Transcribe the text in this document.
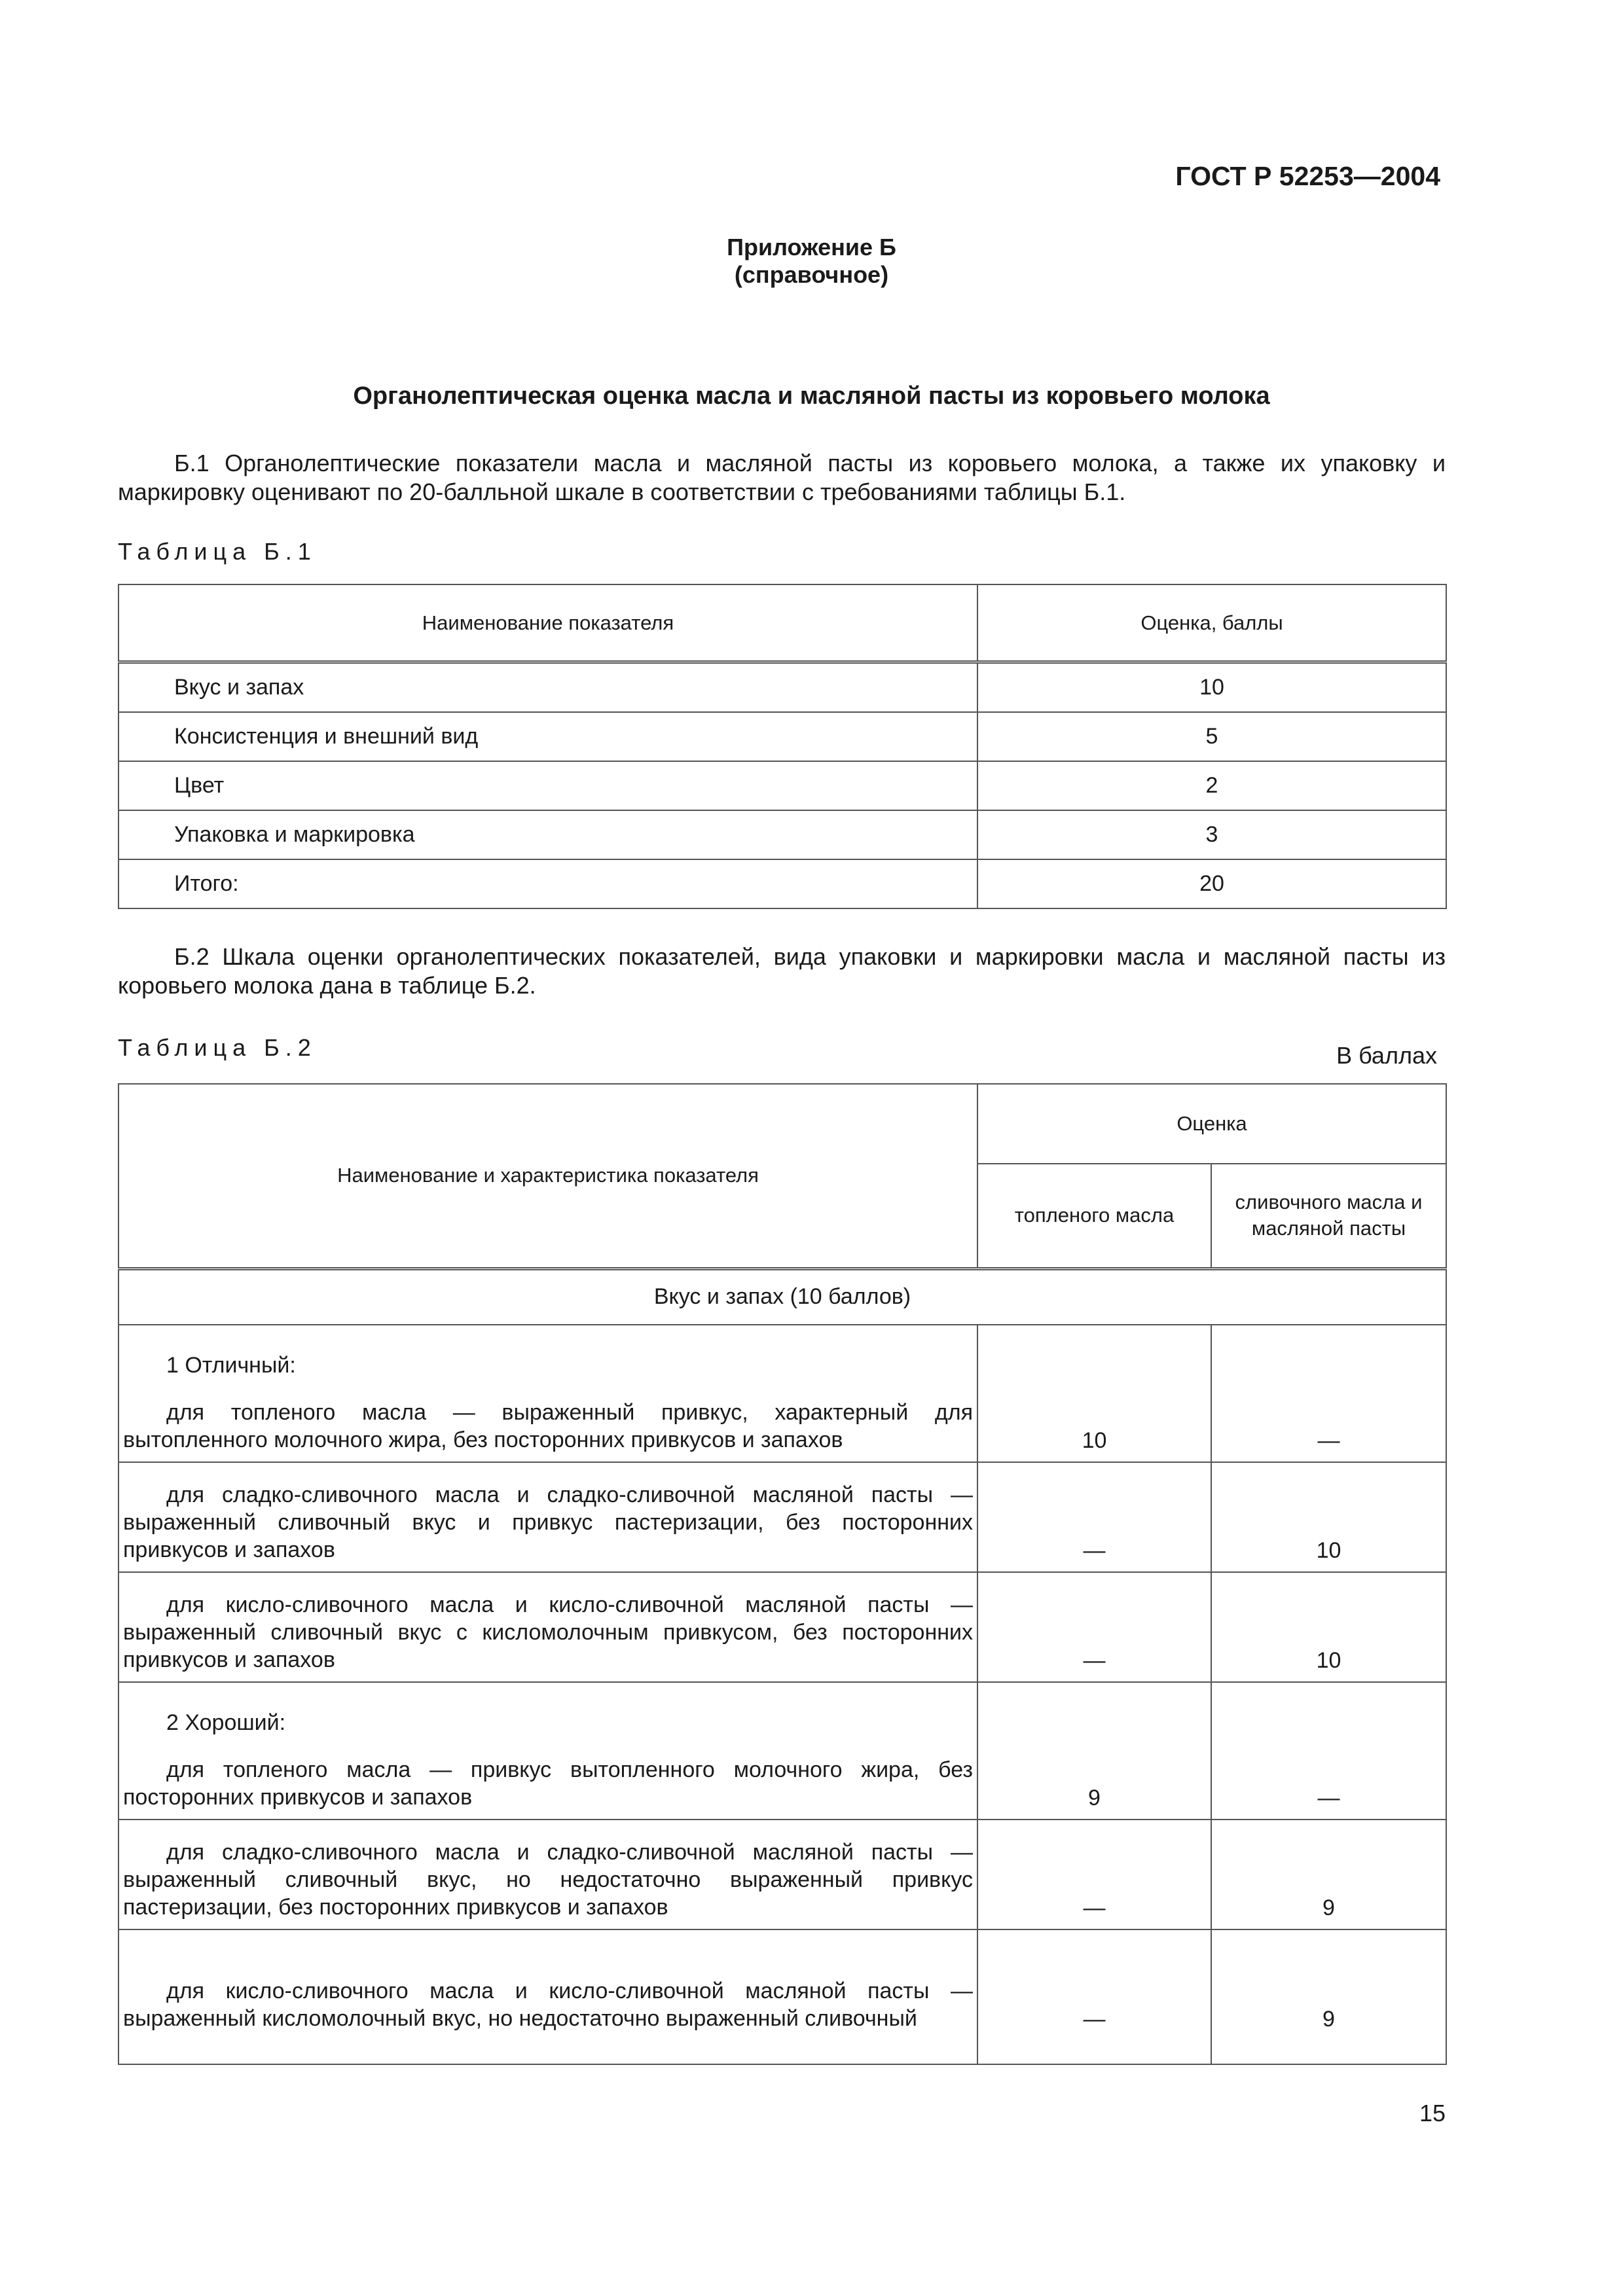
ГОСТ Р 52253—2004
Приложение Б
(справочное)
Органолептическая оценка масла и масляной пасты из коровьего молока
Б.1 Органолептические показатели масла и масляной пасты из коровьего молока, а также их упаковку и маркировку оценивают по 20-балльной шкале в соответствии с требованиями таблицы Б.1.
Таблица Б.1
Наименование показателя	Оценка, баллы
Вкус и запах	10
Консистенция и внешний вид	5
Цвет	2
Упаковка и маркировка	3
Итого:	20
Б.2 Шкала оценки органолептических показателей, вида упаковки и маркировки масла и масляной пасты из коровьего молока дана в таблице Б.2.
Таблица Б.2	В баллах
Наименование и характеристика показателя	Оценка	
	топленого масла	сливочного масла и масляной пасты
Вкус и запах (10 баллов)		

1 Отличный:
для топленого масла — выраженный привкус, характерный для вытопленного молочного жира, без посторонних привкусов и запахов	10	—

для сладко-сливочного масла и сладко-сливочной масляной пасты — выраженный сливочный вкус и привкус пастеризации, без посторонних привкусов и запахов	—	10

для кисло-сливочного масла и кисло-сливочной масляной пасты — выраженный сливочный вкус с кисломолочным привкусом, без посторонних привкусов и запахов	—	10

2 Хороший:
для топленого масла — привкус вытопленного молочного жира, без посторонних привкусов и запахов	9	—

для сладко-сливочного масла и сладко-сливочной масляной пасты — выраженный сливочный вкус, но недостаточно выраженный привкус пастеризации, без посторонних привкусов и запахов	—	9

для кисло-сливочного масла и кисло-сливочной масляной пасты — выраженный кисломолочный вкус, но недостаточно выраженный сливочный	—	9
15
